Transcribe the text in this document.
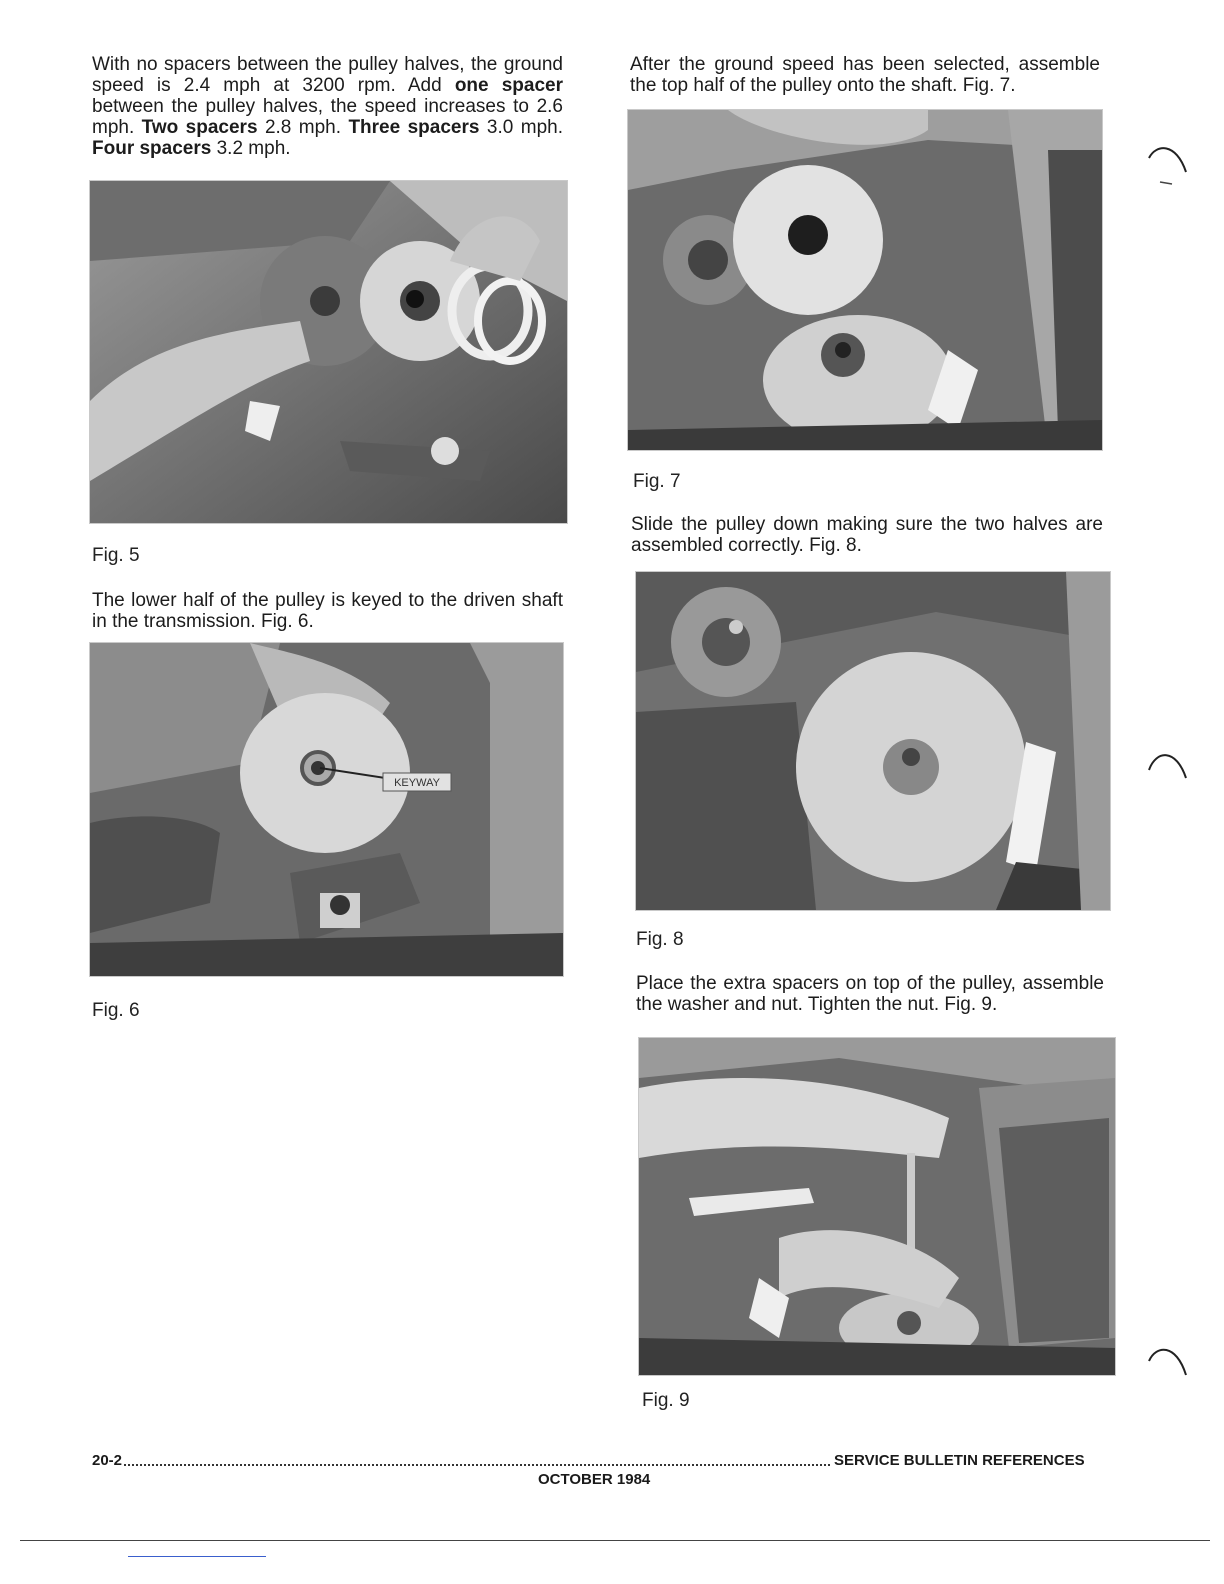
With no spacers between the pulley halves, the ground speed is 2.4 mph at 3200 rpm. Add one spacer between the pulley halves, the speed increases to 2.6 mph. Two spacers 2.8 mph. Three spacers 3.0 mph. Four spacers 3.2 mph.

Fig. 5

The lower half of the pulley is keyed to the driven shaft in the transmission. Fig. 6.

KEYWAY

Fig. 6

After the ground speed has been selected, assemble the top half of the pulley onto the shaft. Fig. 7.

Fig. 7

Slide the pulley down making sure the two halves are assembled correctly. Fig. 8.

Fig. 8

Place the extra spacers on top of the pulley, assemble the washer and nut. Tighten the nut. Fig. 9.

Fig. 9

20-2	SERVICE BULLETIN REFERENCES
OCTOBER 1984
